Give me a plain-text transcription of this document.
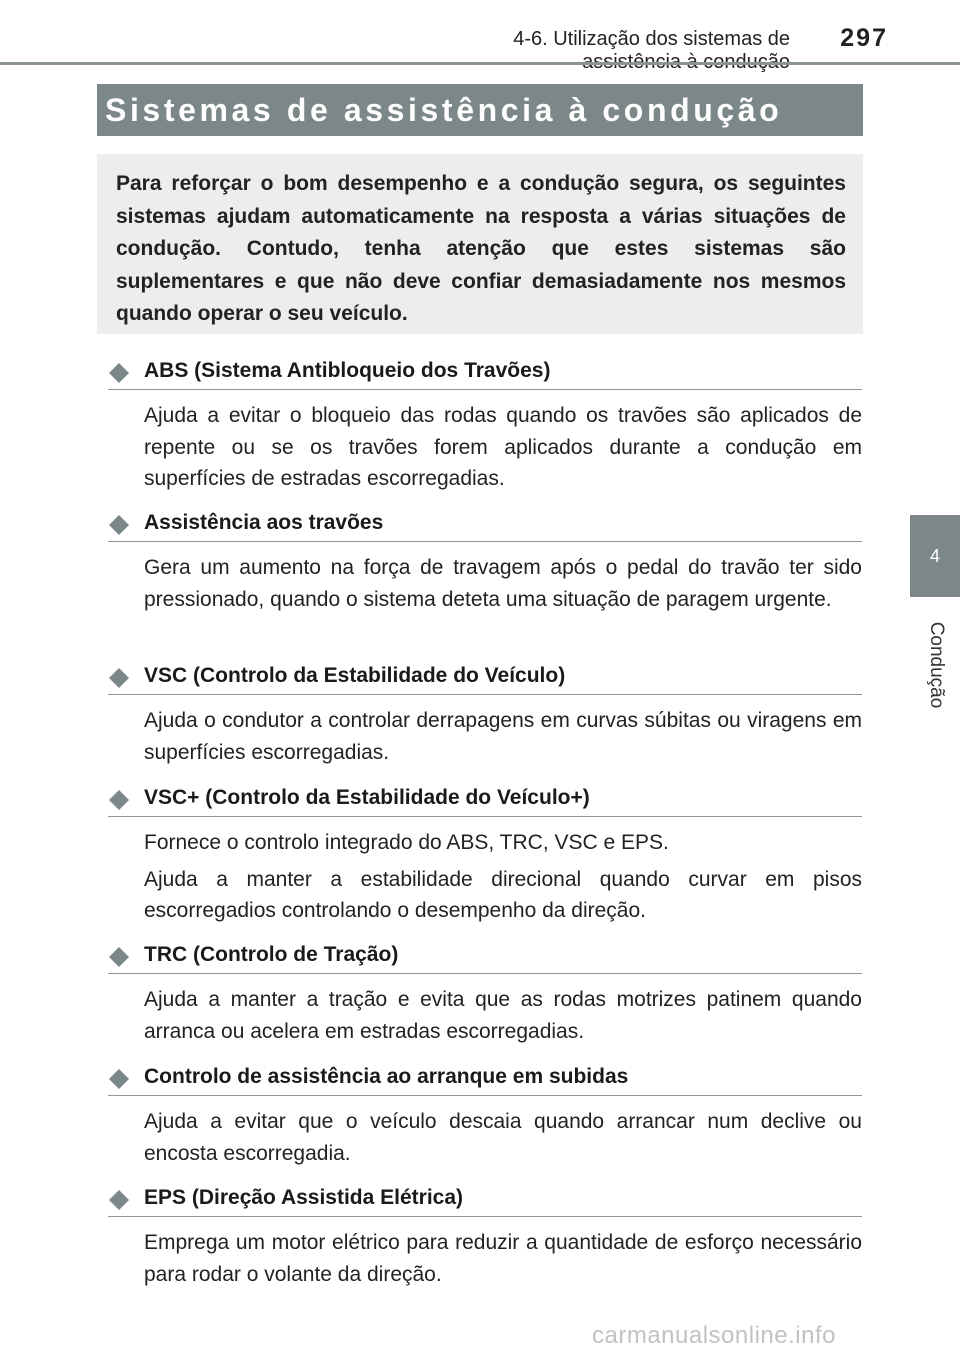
4-6. Utilização dos sistemas de	297
Sistemas de assistência à condução

Para reforçar o bom desempenho e a condução segura, os seguintes sistemas ajudam automaticamente na resposta a várias situações de condução. Contudo, tenha atenção que estes sistemas são suplementares e que não deve confiar demasiadamente nos mesmos quando operar o seu veículo.

ABS (Sistema Antibloqueio dos Travões)

Ajuda a evitar o bloqueio das rodas quando os travões são aplicados de repente ou se os travões forem aplicados durante a condução em superfícies de estradas escorregadias.

Assistência aos travões

Gera um aumento na força de travagem após o pedal do travão ter sido pressionado, quando o sistema deteta uma situação de paragem urgente.

VSC (Controlo da Estabilidade do Veículo)

Ajuda o condutor a controlar derrapagens em curvas súbitas ou viragens em superfícies escorregadias.

VSC+ (Controlo da Estabilidade do Veículo+)

Fornece o controlo integrado do ABS, TRC, VSC e EPS.

Ajuda a manter a estabilidade direcional quando curvar em pisos escorregadios controlando o desempenho da direção.

TRC (Controlo de Tração)

Ajuda a manter a tração e evita que as rodas motrizes patinem quando arranca ou acelera em estradas escorregadias.

Controlo de assistência ao arranque em subidas

Ajuda a evitar que o veículo descaia quando arrancar num declive ou encosta escorregadia.

EPS (Direção Assistida Elétrica)

Emprega um motor elétrico para reduzir a quantidade de esforço necessário para rodar o volante da direção.

4
Condução
carmanualsonline.info
